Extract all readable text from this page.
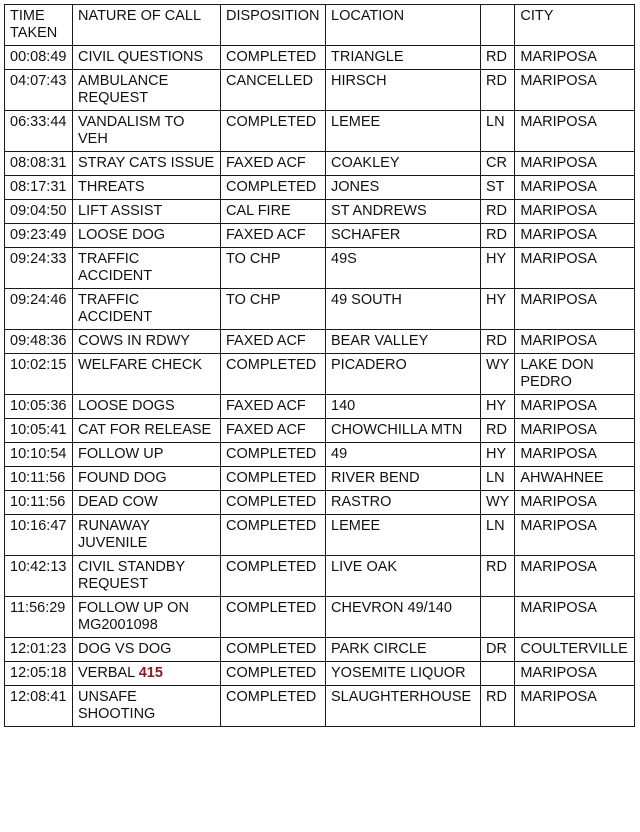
TIME TAKEN	NATURE OF CALL	DISPOSITION	LOCATION		CITY
00:08:49	CIVIL QUESTIONS	COMPLETED	TRIANGLE	RD	MARIPOSA
04:07:43	AMBULANCE REQUEST	CANCELLED	HIRSCH	RD	MARIPOSA
06:33:44	VANDALISM TO VEH	COMPLETED	LEMEE	LN	MARIPOSA
08:08:31	STRAY CATS ISSUE	FAXED ACF	COAKLEY	CR	MARIPOSA
08:17:31	THREATS	COMPLETED	JONES	ST	MARIPOSA
09:04:50	LIFT ASSIST	CAL FIRE	ST ANDREWS	RD	MARIPOSA
09:23:49	LOOSE DOG	FAXED ACF	SCHAFER	RD	MARIPOSA
09:24:33	TRAFFIC ACCIDENT	TO CHP	49S	HY	MARIPOSA
09:24:46	TRAFFIC ACCIDENT	TO CHP	49 SOUTH	HY	MARIPOSA
09:48:36	COWS IN RDWY	FAXED ACF	BEAR VALLEY	RD	MARIPOSA
10:02:15	WELFARE CHECK	COMPLETED	PICADERO	WY	LAKE DON PEDRO
10:05:36	LOOSE DOGS	FAXED ACF	140	HY	MARIPOSA
10:05:41	CAT FOR RELEASE	FAXED ACF	CHOWCHILLA MTN	RD	MARIPOSA
10:10:54	FOLLOW UP	COMPLETED	49	HY	MARIPOSA
10:11:56	FOUND DOG	COMPLETED	RIVER BEND	LN	AHWAHNEE
10:11:56	DEAD COW	COMPLETED	RASTRO	WY	MARIPOSA
10:16:47	RUNAWAY JUVENILE	COMPLETED	LEMEE	LN	MARIPOSA
10:42:13	CIVIL STANDBY REQUEST	COMPLETED	LIVE OAK	RD	MARIPOSA
11:56:29	FOLLOW UP ON MG2001098	COMPLETED	CHEVRON 49/140		MARIPOSA
12:01:23	DOG VS DOG	COMPLETED	PARK CIRCLE	DR	COULTERVILLE
12:05:18	VERBAL 415	COMPLETED	YOSEMITE LIQUOR		MARIPOSA
12:08:41	UNSAFE SHOOTING	COMPLETED	SLAUGHTERHOUSE	RD	MARIPOSA
